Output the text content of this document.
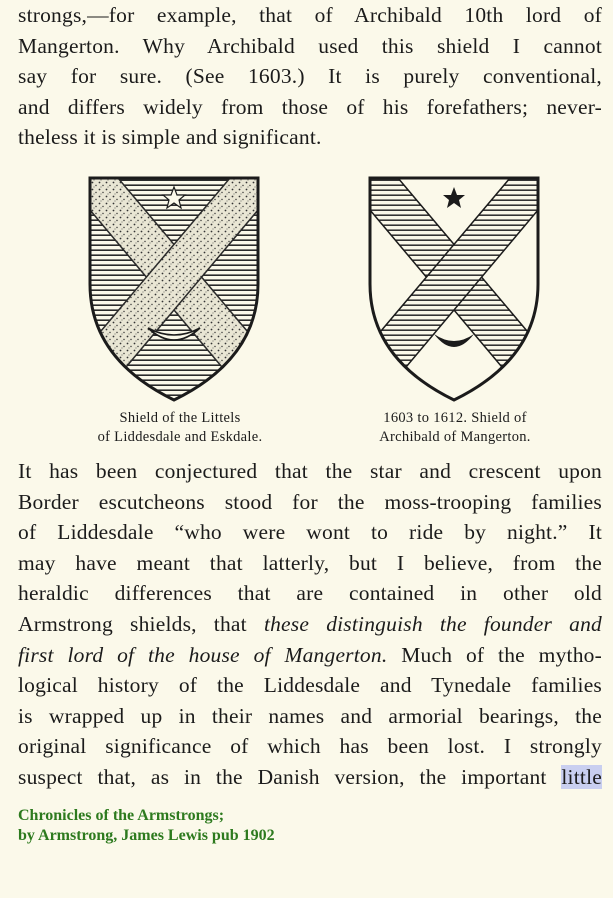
strongs,—for example, that of Archibald 10th lord of
Mangerton. Why Archibald used this shield I cannot
say for sure. (See 1603.) It is purely conventional,
and differs widely from those of his forefathers; never-
theless it is simple and significant.
Shield of the Littels
of Liddesdale and Eskdale.
1603 to 1612. Shield of
Archibald of Mangerton.
It has been conjectured that the star and crescent upon
Border escutcheons stood for the moss-trooping families
of Liddesdale “who were wont to ride by night.” It
may have meant that latterly, but I believe, from the
heraldic differences that are contained in other old
Armstrong shields, that these distinguish the founder and
first lord of the house of Mangerton. Much of the mytho-
logical history of the Liddesdale and Tynedale families
is wrapped up in their names and armorial bearings, the
original significance of which has been lost. I strongly
suspect that, as in the Danish version, the important little
Chronicles of the Armstrongs;
by Armstrong, James Lewis pub 1902
